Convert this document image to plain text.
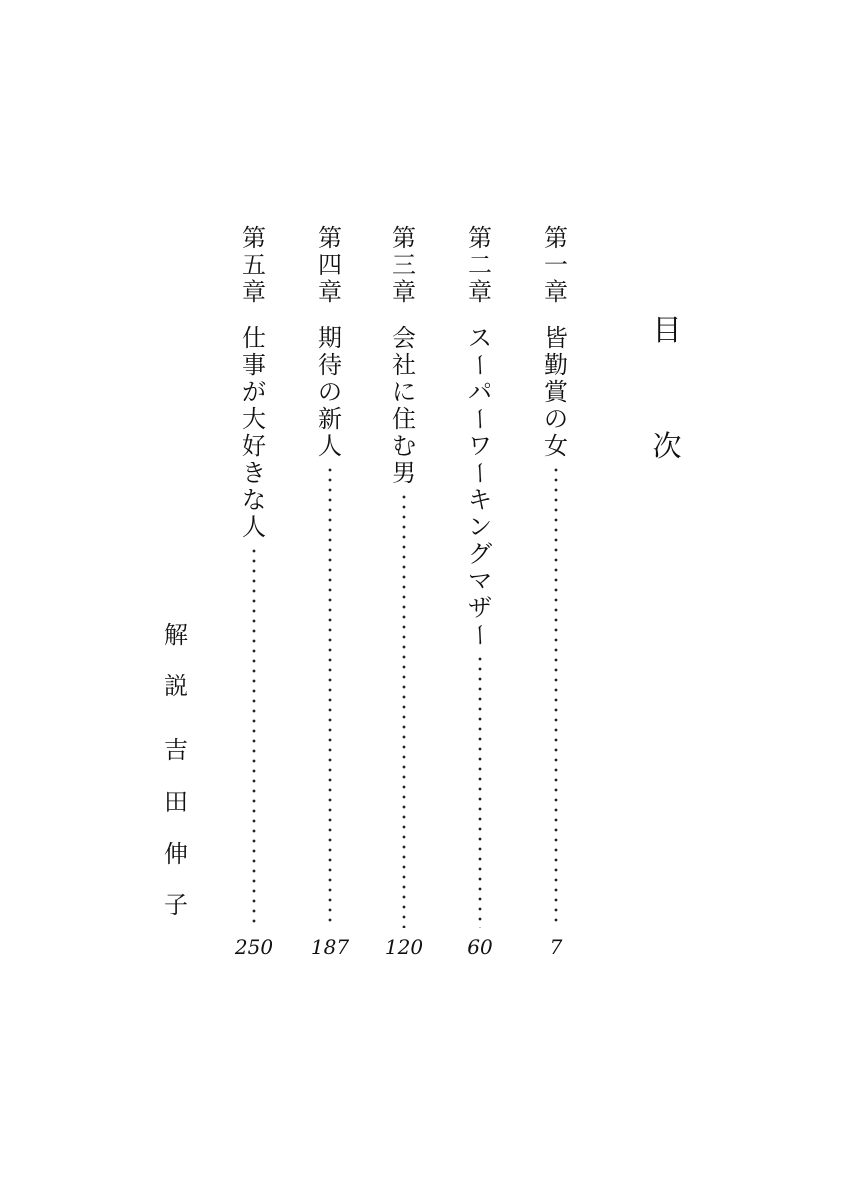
目
次
第
一
章
皆
勤
賞
の
女
7
第
二
章
ス
ー
パ
ー
ワ
ー
キ
ン
グ
マ
ザ
ー
60
第
三
章
会
社
に
住
む
男
120
第
四
章
期
待
の
新
人
187
第
五
章
仕
事
が
大
好
き
な
人
250
解
説
吉
田
伸
子
